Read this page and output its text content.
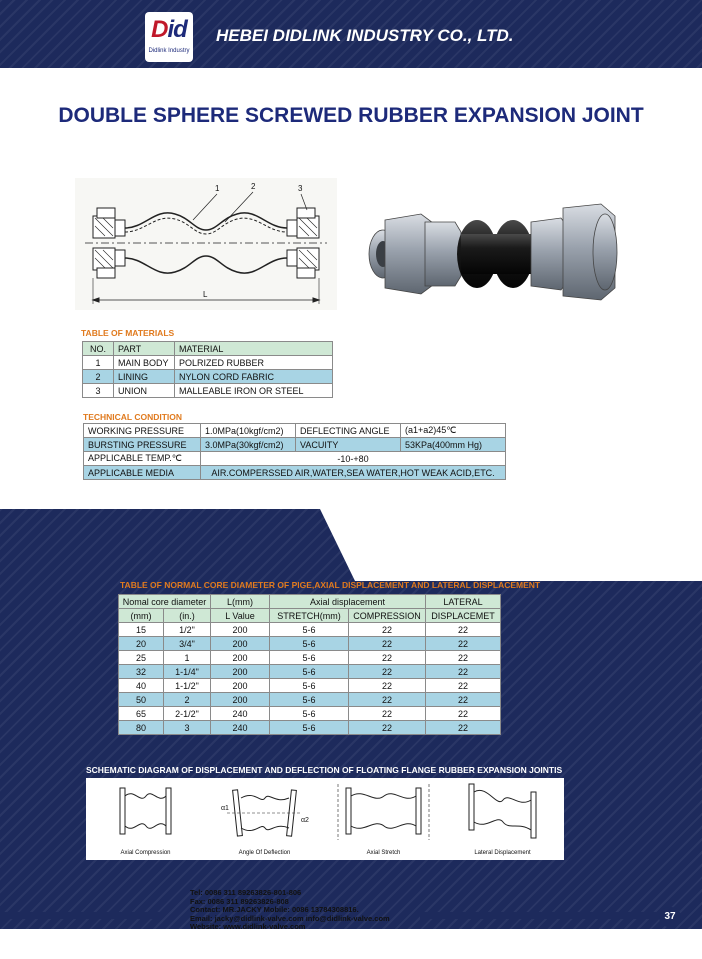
Did
Didlink Industry
HEBEI DIDLINK INDUSTRY CO., LTD.
DOUBLE SPHERE SCREWED RUBBER EXPANSION JOINT
1	2	3
L
TABLE OF MATERIALS
NO.	PART	MATERIAL
1	MAIN BODY	POLRIZED RUBBER
2	LINING	NYLON CORD FABRIC
3	UNION	MALLEABLE IRON OR STEEL
TECHNICAL CONDITION
WORKING PRESSURE	1.0MPa(10kgf/cm2)	DEFLECTING ANGLE	(a1+a2)45℃
BURSTING PRESSURE	3.0MPa(30kgf/cm2)	VACUITY	53KPa(400mm Hg)
APPLICABLE TEMP.℃	-10-+80		
APPLICABLE MEDIA	AIR.COMPERSSED AIR,WATER,SEA WATER,HOT WEAK ACID,ETC.		
TABLE OF NORMAL CORE DIAMETER OF PIGE,AXIAL DISPLACEMENT AND LATERAL DISPLACEMENT
Nomal core diameter		L(mm)	Axial displacement		LATERAL
(mm)	(in.)	L Value	STRETCH(mm)	COMPRESSION	DISPLACEMET
15	1/2"	200	5-6	22	22
20	3/4"	200	5-6	22	22
25	1	200	5-6	22	22
32	1-1/4"	200	5-6	22	22
40	1-1/2"	200	5-6	22	22
50	2	200	5-6	22	22
65	2-1/2"	240	5-6	22	22
80	3	240	5-6	22	22
SCHEMATIC DIAGRAM OF DISPLACEMENT AND DEFLECTION OF FLOATING FLANGE RUBBER EXPANSION JOINTIS
Axial Compression
α1
α2
Angle Of Deflection	Axial Stretch	Lateral Displacement
Tel: 0086 311 89263826-801-806
Fax: 0086 311 89263826-808
Contact: MR.JACKY Mobile: 0086 13784308816.
Email: jacky@didlink-valve.com info@didlink-valve.com
Website: www.didlink-valve.com
37
